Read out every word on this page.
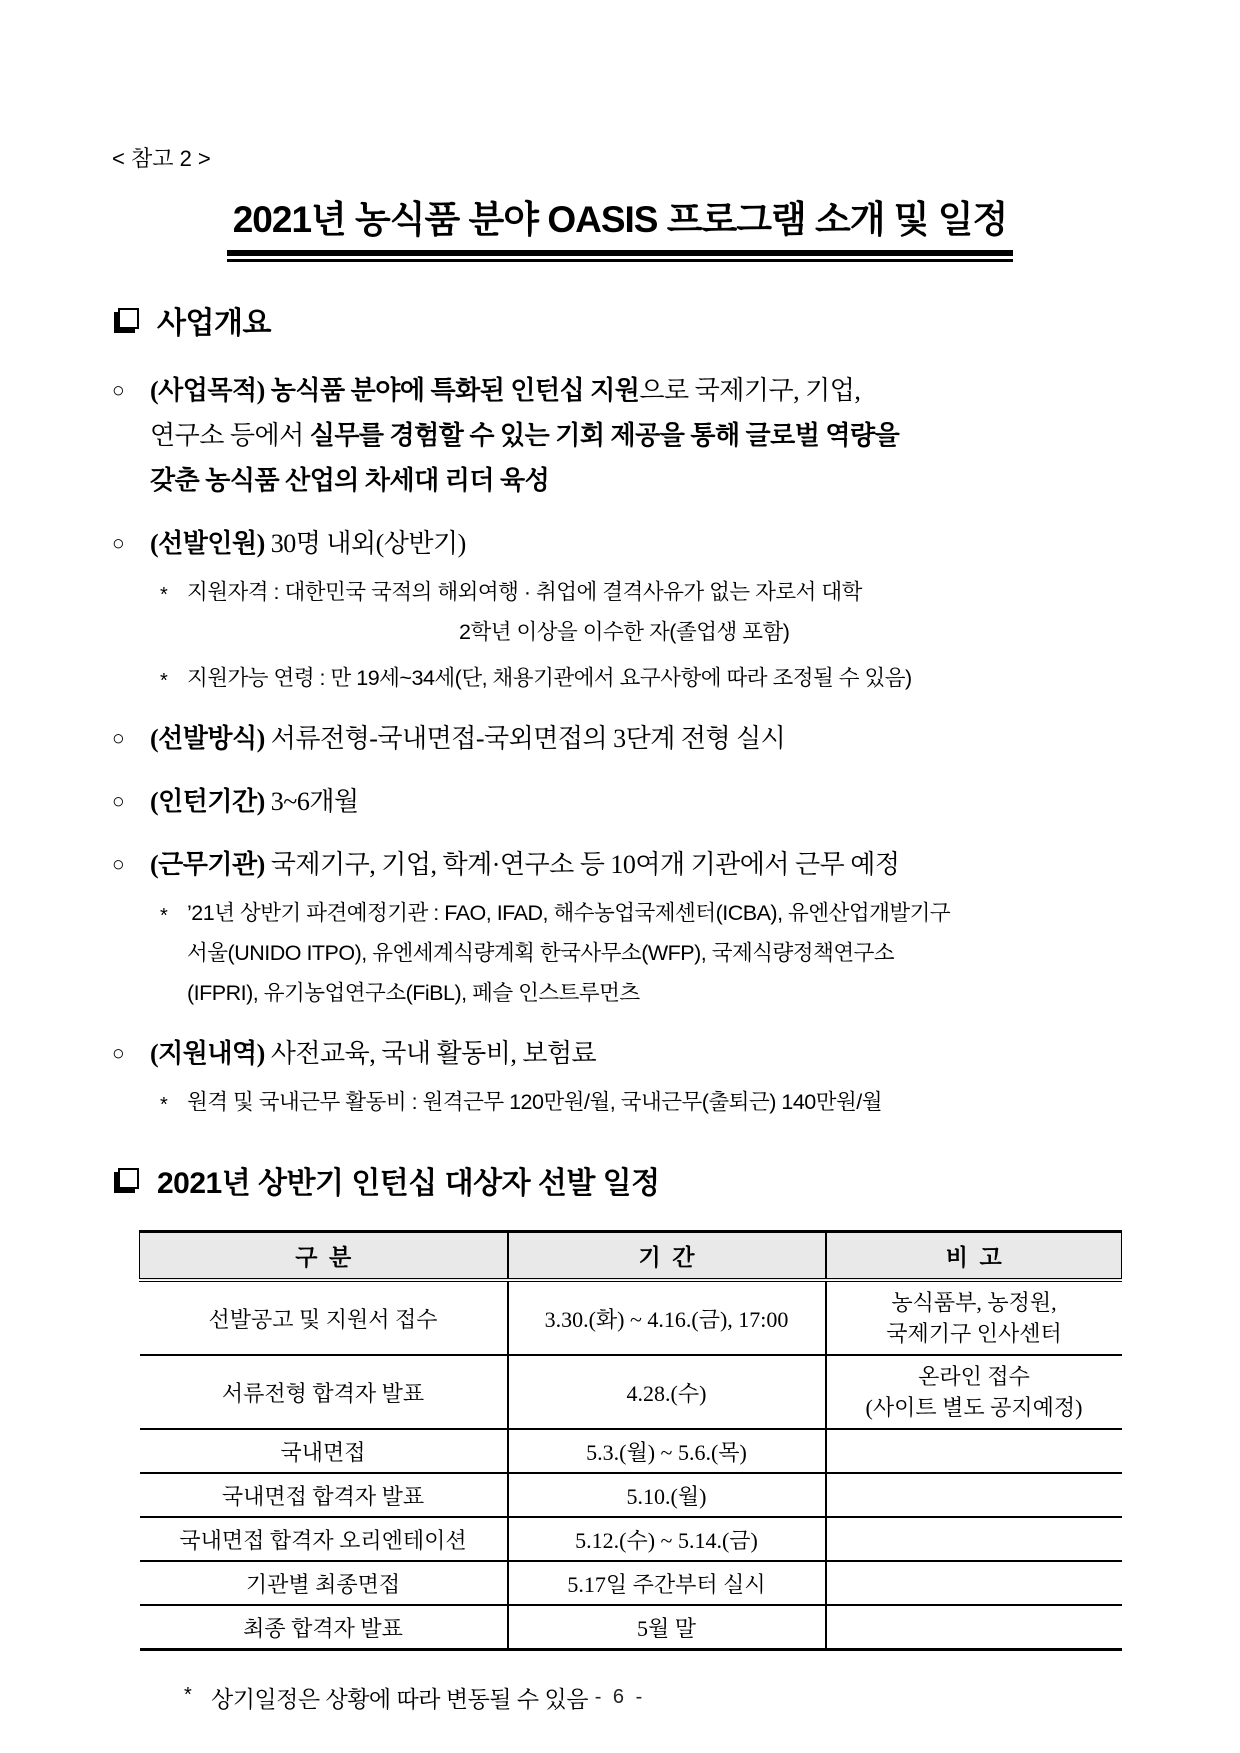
< 참고 2 >
2021년 농식품 분야 OASIS 프로그램 소개 및 일정
사업개요
○ (사업목적) 농식품 분야에 특화된 인턴십 지원으로 국제기구, 기업,
연구소 등에서 실무를 경험할 수 있는 기회 제공을 통해 글로벌 역량을
갖춘 농식품 산업의 차세대 리더 육성
○ (선발인원) 30명 내외(상반기)
* 지원자격 : 대한민국 국적의 해외여행 · 취업에 결격사유가 없는 자로서 대학
2학년 이상을 이수한 자(졸업생 포함)
* 지원가능 연령 : 만 19세~34세(단, 채용기관에서 요구사항에 따라 조정될 수 있음)
○ (선발방식) 서류전형-국내면접-국외면접의 3단계 전형 실시
○ (인턴기간) 3~6개월
○ (근무기관) 국제기구, 기업, 학계·연구소 등 10여개 기관에서 근무 예정
* ’21년 상반기 파견예정기관 : FAO, IFAD, 해수농업국제센터(ICBA), 유엔산업개발기구
서울(UNIDO ITPO), 유엔세계식량계획 한국사무소(WFP), 국제식량정책연구소
(IFPRI), 유기농업연구소(FiBL), 페슬 인스트루먼츠
○ (지원내역) 사전교육, 국내 활동비, 보험료
* 원격 및 국내근무 활동비 : 원격근무 120만원/월, 국내근무(출퇴근) 140만원/월
2021년 상반기 인턴십 대상자 선발 일정
구  분	기  간	비  고
선발공고 및 지원서 접수	3.30.(화) ~ 4.16.(금), 17:00	농식품부, 농정원,
국제기구 인사센터

서류전형 합격자 발표	4.28.(수)	온라인 접수
(사이트 별도 공지예정)

국내면접	5.3.(월) ~ 5.6.(목)	
국내면접 합격자 발표	5.10.(월)	
국내면접 합격자 오리엔테이션	5.12.(수) ~ 5.14.(금)	
기관별 최종면접	5.17일 주간부터 실시	
최종 합격자 발표	5월 말	
* 상기일정은 상황에 따라 변동될 수 있음 - 6 -
